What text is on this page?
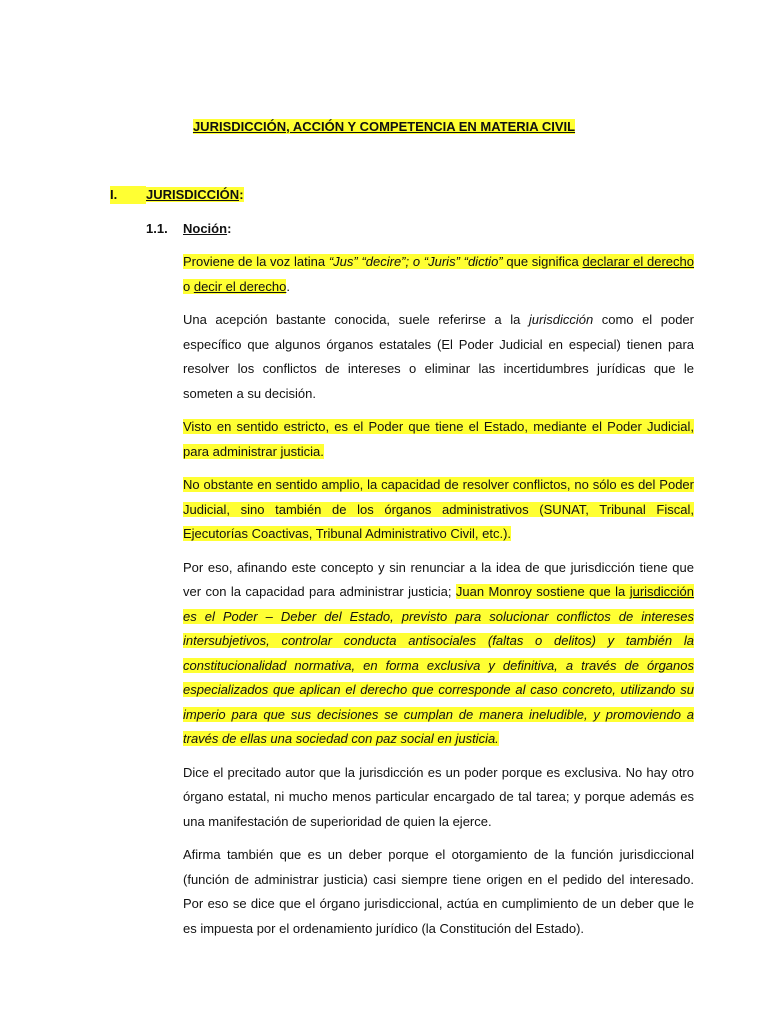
JURISDICCIÓN, ACCIÓN Y COMPETENCIA EN MATERIA CIVIL
I. JURISDICCIÓN:
1.1. Noción:

Proviene de la voz latina “Jus” “decire”; o “Juris” “dictio” que significa declarar el derecho o decir el derecho.

Una acepción bastante conocida, suele referirse a la jurisdicción como el poder específico que algunos órganos estatales (El Poder Judicial en especial) tienen para resolver los conflictos de intereses o eliminar las incertidumbres jurídicas que le someten a su decisión.

Visto en sentido estricto, es el Poder que tiene el Estado, mediante el Poder Judicial, para administrar justicia.

No obstante en sentido amplio, la capacidad de resolver conflictos, no sólo es del Poder Judicial, sino también de los órganos administrativos (SUNAT, Tribunal Fiscal, Ejecutorías Coactivas, Tribunal Administrativo Civil, etc.).

Por eso, afinando este concepto y sin renunciar a la idea de que jurisdicción tiene que ver con la capacidad para administrar justicia; Juan Monroy sostiene que la jurisdicción es el Poder – Deber del Estado, previsto para solucionar conflictos de intereses intersubjetivos, controlar conducta antisociales (faltas o delitos) y también la constitucionalidad normativa, en forma exclusiva y definitiva, a través de órganos especializados que aplican el derecho que corresponde al caso concreto, utilizando su imperio para que sus decisiones se cumplan de manera ineludible, y promoviendo a través de ellas una sociedad con paz social en justicia.

Dice el precitado autor que la jurisdicción es un poder porque es exclusiva. No hay otro órgano estatal, ni mucho menos particular encargado de tal tarea; y porque además es una manifestación de superioridad de quien la ejerce.

Afirma también que es un deber porque el otorgamiento de la función jurisdiccional (función de administrar justicia) casi siempre tiene origen en el pedido del interesado. Por eso se dice que el órgano jurisdiccional, actúa en cumplimiento de un deber que le es impuesta por el ordenamiento jurídico (la Constitución del Estado).
